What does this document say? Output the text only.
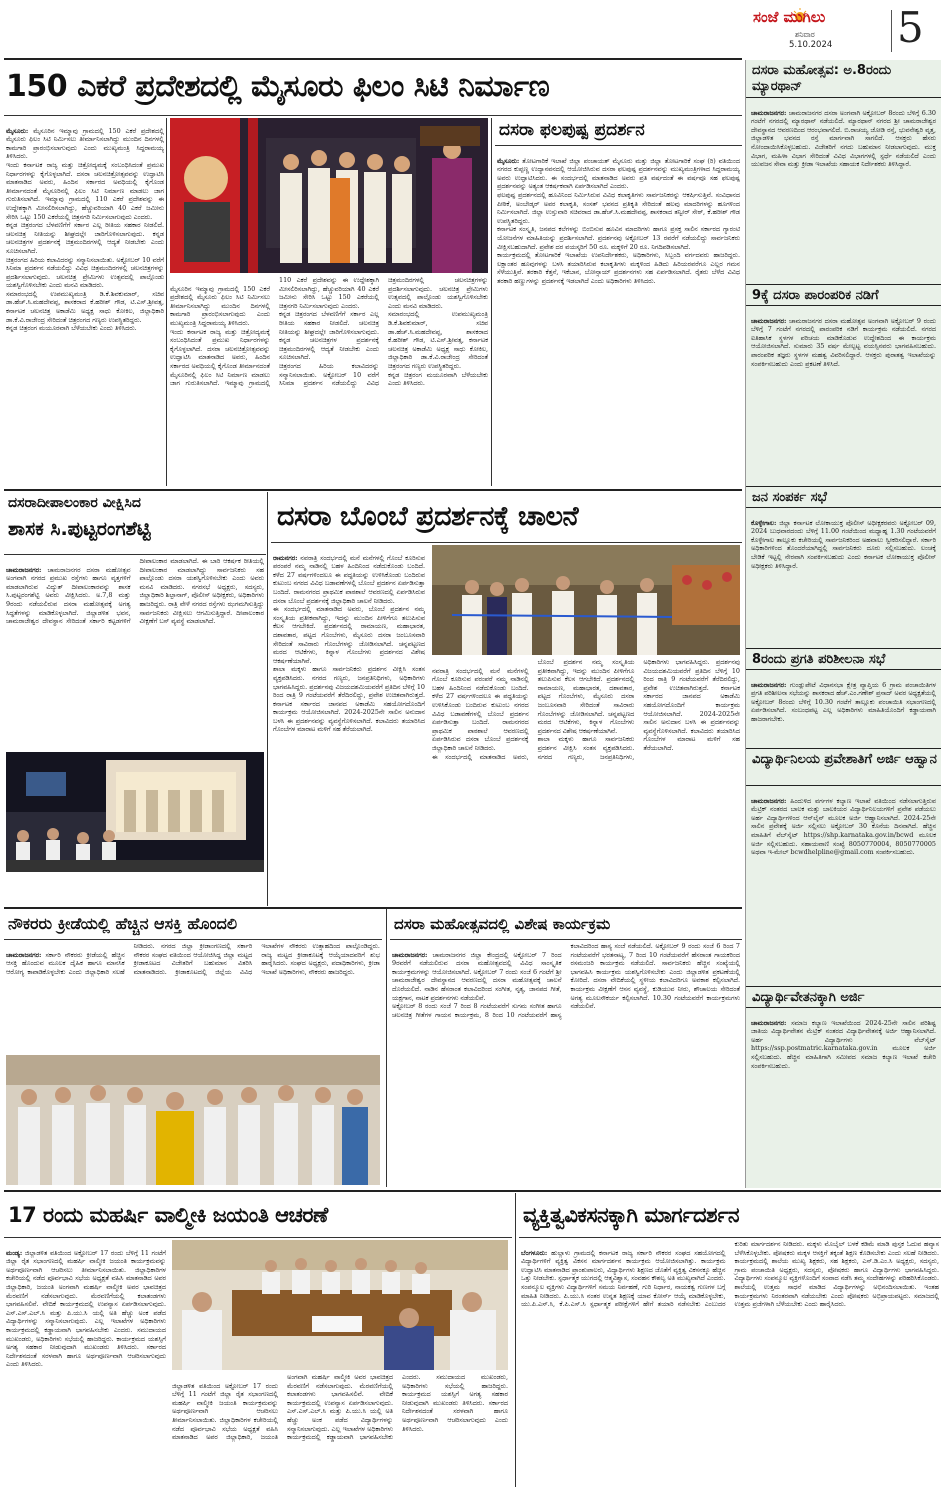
ಸಂಜೆ ಮುಗಿಲು
ಶನಿವಾರ
5.10.2024 5
150 ಎಕರೆ ಪ್ರದೇಶದಲ್ಲಿ ಮೈಸೂರು ಫಿಲಂ ಸಿಟಿ ನಿರ್ಮಾಣ

ಮೈಸೂರು: ಮೈಸೂರಿನ ಇಮ್ಮಾವು ಗ್ರಾಮದಲ್ಲಿ 150 ಎಕರೆ ಪ್ರದೇಶದಲ್ಲಿ ಮೈಸೂರು ಫಿಲಂ ಸಿಟಿ ನಿರ್ಮಿಸಲು ತೀರ್ಮಾನಿಸಲಾಗಿದ್ದು ಮುಂದಿನ ದಿನಗಳಲ್ಲಿ ಕಾಮಗಾರಿ ಪ್ರಾರಂಭಿಸಲಾಗುವುದು ಎಂದು ಮುಖ್ಯಮಂತ್ರಿ ಸಿದ್ದರಾಮಯ್ಯ ತಿಳಿಸಿದರು.
ಇಂದು ಕರ್ನಾಟಕ ರಾಜ್ಯ ಮತ್ತು ಚಿತ್ರೋದ್ಯಮಕ್ಕೆ ಸಂಬಂಧಿಸಿದಂತೆ ಪ್ರಮುಖ ನಿರ್ಧಾರಗಳನ್ನು ಕೈಗೊಳ್ಳಲಾಗಿದೆ. ದಸರಾ ಚಲನಚಿತ್ರೋತ್ಸವವನ್ನು ಉದ್ಘಾಟಿಸಿ ಮಾತನಾಡಿದ ಅವರು, ಹಿಂದಿನ ಸರ್ಕಾರದ ಅವಧಿಯಲ್ಲಿ ಕೈಗೊಂಡ ತೀರ್ಮಾನದಂತೆ ಮೈಸೂರಿನಲ್ಲಿ ಫಿಲಂ ಸಿಟಿ ನಿರ್ಮಾಣ ಮಾಡಲು ಜಾಗ ಗುರುತಿಸಲಾಗಿದೆ. ಇಮ್ಮಾವು ಗ್ರಾಮದಲ್ಲಿ 110 ಎಕರೆ ಪ್ರದೇಶವನ್ನು ಈ ಉದ್ದೇಶಕ್ಕಾಗಿ ಮೀಸಲಿರಿಸಲಾಗಿದ್ದು, ಹೆಚ್ಚುವರಿಯಾಗಿ 40 ಎಕರೆ ಜಮೀನು ಸೇರಿಸಿ ಒಟ್ಟು 150 ಎಕರೆಯಲ್ಲಿ ಚಿತ್ರನಗರಿ ನಿರ್ಮಿಸಲಾಗುವುದು ಎಂದರು.
ಕನ್ನಡ ಚಿತ್ರರಂಗದ ಬೆಳವಣಿಗೆಗೆ ಸರ್ಕಾರ ಎಲ್ಲ ರೀತಿಯ ಸಹಕಾರ ನೀಡಲಿದೆ. ಚಲನಚಿತ್ರ ನೀತಿಯನ್ನು ಶೀಘ್ರದಲ್ಲೇ ಜಾರಿಗೊಳಿಸಲಾಗುವುದು. ಕನ್ನಡ ಚಲನಚಿತ್ರಗಳ ಪ್ರದರ್ಶನಕ್ಕೆ ಚಿತ್ರಮಂದಿರಗಳಲ್ಲಿ ಆದ್ಯತೆ ನೀಡಬೇಕು ಎಂದು ಸೂಚಿಸಲಾಗಿದೆ.
ಚಿತ್ರರಂಗದ ಹಿರಿಯ ಕಲಾವಿದರನ್ನು ಸನ್ಮಾನಿಸಲಾಯಿತು. ಅಕ್ಟೋಬರ್ 10 ವರೆಗೆ ಸಿನಿಮಾ ಪ್ರದರ್ಶನ ನಡೆಯಲಿದ್ದು ವಿವಿಧ ಚಿತ್ರಮಂದಿರಗಳಲ್ಲಿ ಚಲನಚಿತ್ರಗಳನ್ನು ಪ್ರದರ್ಶಿಸಲಾಗುವುದು. ಚಲನಚಿತ್ರ ಪ್ರೇಮಿಗಳು ಉತ್ಸವದಲ್ಲಿ ಪಾಲ್ಗೊಂಡು ಯಶಸ್ವಿಗೊಳಿಸಬೇಕು ಎಂದು ಮನವಿ ಮಾಡಿದರು.
ಸಮಾರಂಭದಲ್ಲಿ ಉಪಮುಖ್ಯಮಂತ್ರಿ ಡಿ.ಕೆ.ಶಿವಕುಮಾರ್, ಸಚಿವ ಡಾ.ಹೆಚ್.ಸಿ.ಮಹದೇವಪ್ಪ, ಶಾಸಕರಾದ ಕೆ.ಹರೀಶ್ ಗೌಡ, ಟಿ.ಎಸ್.ಶ್ರೀವತ್ಸ, ಕರ್ನಾಟಕ ಚಲನಚಿತ್ರ ಅಕಾಡೆಮಿ ಅಧ್ಯಕ್ಷ ಸಾಧು ಕೋಕಿಲ, ಜಿಲ್ಲಾಧಿಕಾರಿ ಡಾ.ಕೆ.ವಿ.ರಾಜೇಂದ್ರ ಸೇರಿದಂತೆ ಚಿತ್ರರಂಗದ ಗಣ್ಯರು ಉಪಸ್ಥಿತರಿದ್ದರು.
ಕನ್ನಡ ಚಿತ್ರರಂಗ ಮಯೂರವಾಗಿ ಬೆಳೆಯಬೇಕು ಎಂದು ತಿಳಿಸಿದರು.

ಮೈಸೂರಿನ ಇಮ್ಮಾವು ಗ್ರಾಮದಲ್ಲಿ 150 ಎಕರೆ ಪ್ರದೇಶದಲ್ಲಿ ಮೈಸೂರು ಫಿಲಂ ಸಿಟಿ ನಿರ್ಮಿಸಲು ತೀರ್ಮಾನಿಸಲಾಗಿದ್ದು ಮುಂದಿನ ದಿನಗಳಲ್ಲಿ ಕಾಮಗಾರಿ ಪ್ರಾರಂಭಿಸಲಾಗುವುದು ಎಂದು ಮುಖ್ಯಮಂತ್ರಿ ಸಿದ್ದರಾಮಯ್ಯ ತಿಳಿಸಿದರು.
ಇಂದು ಕರ್ನಾಟಕ ರಾಜ್ಯ ಮತ್ತು ಚಿತ್ರೋದ್ಯಮಕ್ಕೆ ಸಂಬಂಧಿಸಿದಂತೆ ಪ್ರಮುಖ ನಿರ್ಧಾರಗಳನ್ನು ಕೈಗೊಳ್ಳಲಾಗಿದೆ. ದಸರಾ ಚಲನಚಿತ್ರೋತ್ಸವವನ್ನು ಉದ್ಘಾಟಿಸಿ ಮಾತನಾಡಿದ ಅವರು, ಹಿಂದಿನ ಸರ್ಕಾರದ ಅವಧಿಯಲ್ಲಿ ಕೈಗೊಂಡ ತೀರ್ಮಾನದಂತೆ ಮೈಸೂರಿನಲ್ಲಿ ಫಿಲಂ ಸಿಟಿ ನಿರ್ಮಾಣ ಮಾಡಲು ಜಾಗ ಗುರುತಿಸಲಾಗಿದೆ. ಇಮ್ಮಾವು ಗ್ರಾಮದಲ್ಲಿ 110 ಎಕರೆ ಪ್ರದೇಶವನ್ನು ಈ ಉದ್ದೇಶಕ್ಕಾಗಿ ಮೀಸಲಿರಿಸಲಾಗಿದ್ದು, ಹೆಚ್ಚುವರಿಯಾಗಿ 40 ಎಕರೆ ಜಮೀನು ಸೇರಿಸಿ ಒಟ್ಟು 150 ಎಕರೆಯಲ್ಲಿ ಚಿತ್ರನಗರಿ ನಿರ್ಮಿಸಲಾಗುವುದು ಎಂದರು.
ಕನ್ನಡ ಚಿತ್ರರಂಗದ ಬೆಳವಣಿಗೆಗೆ ಸರ್ಕಾರ ಎಲ್ಲ ರೀತಿಯ ಸಹಕಾರ ನೀಡಲಿದೆ. ಚಲನಚಿತ್ರ ನೀತಿಯನ್ನು ಶೀಘ್ರದಲ್ಲೇ ಜಾರಿಗೊಳಿಸಲಾಗುವುದು. ಕನ್ನಡ ಚಲನಚಿತ್ರಗಳ ಪ್ರದರ್ಶನಕ್ಕೆ ಚಿತ್ರಮಂದಿರಗಳಲ್ಲಿ ಆದ್ಯತೆ ನೀಡಬೇಕು ಎಂದು ಸೂಚಿಸಲಾಗಿದೆ.
ಚಿತ್ರರಂಗದ ಹಿರಿಯ ಕಲಾವಿದರನ್ನು ಸನ್ಮಾನಿಸಲಾಯಿತು. ಅಕ್ಟೋಬರ್ 10 ವರೆಗೆ ಸಿನಿಮಾ ಪ್ರದರ್ಶನ ನಡೆಯಲಿದ್ದು ವಿವಿಧ ಚಿತ್ರಮಂದಿರಗಳಲ್ಲಿ ಚಲನಚಿತ್ರಗಳನ್ನು ಪ್ರದರ್ಶಿಸಲಾಗುವುದು. ಚಲನಚಿತ್ರ ಪ್ರೇಮಿಗಳು ಉತ್ಸವದಲ್ಲಿ ಪಾಲ್ಗೊಂಡು ಯಶಸ್ವಿಗೊಳಿಸಬೇಕು ಎಂದು ಮನವಿ ಮಾಡಿದರು.
ಸಮಾರಂಭದಲ್ಲಿ ಉಪಮುಖ್ಯಮಂತ್ರಿ ಡಿ.ಕೆ.ಶಿವಕುಮಾರ್, ಸಚಿವ ಡಾ.ಹೆಚ್.ಸಿ.ಮಹದೇವಪ್ಪ, ಶಾಸಕರಾದ ಕೆ.ಹರೀಶ್ ಗೌಡ, ಟಿ.ಎಸ್.ಶ್ರೀವತ್ಸ, ಕರ್ನಾಟಕ ಚಲನಚಿತ್ರ ಅಕಾಡೆಮಿ ಅಧ್ಯಕ್ಷ ಸಾಧು ಕೋಕಿಲ, ಜಿಲ್ಲಾಧಿಕಾರಿ ಡಾ.ಕೆ.ವಿ.ರಾಜೇಂದ್ರ ಸೇರಿದಂತೆ ಚಿತ್ರರಂಗದ ಗಣ್ಯರು ಉಪಸ್ಥಿತರಿದ್ದರು.
ಕನ್ನಡ ಚಿತ್ರರಂಗ ಮಯೂರವಾಗಿ ಬೆಳೆಯಬೇಕು ಎಂದು ತಿಳಿಸಿದರು.

ದಸರಾ ಫಲಪುಷ್ಪ ಪ್ರದರ್ಶನ

ಮೈಸೂರು: ತೋಟಗಾರಿಕೆ ಇಲಾಖೆ ಜಿಲ್ಲಾ ಪಂಚಾಯತ್ ಮೈಸೂರು ಮತ್ತು ಜಿಲ್ಲಾ ತೋಟಗಾರಿಕೆ ಸಂಘ (ರಿ) ವತಿಯಿಂದ ನಗರದ ಕುಪ್ಪಣ್ಣ ಉದ್ಯಾನವನದಲ್ಲಿ ಆಯೋಜಿಸಿರುವ ದಸರಾ ಫಲಪುಷ್ಪ ಪ್ರದರ್ಶನವನ್ನು ಮುಖ್ಯಮಂತ್ರಿಗಳಾದ ಸಿದ್ದರಾಮಯ್ಯ ಅವರು ಉದ್ಘಾಟಿಸಿದರು. ಈ ಸಂದರ್ಭದಲ್ಲಿ ಮಾತನಾಡಿದ ಅವರು ಪ್ರತಿ ವರ್ಷದಂತೆ ಈ ವರ್ಷವೂ ಸಹ ಫಲಪುಷ್ಪ ಪ್ರದರ್ಶನವನ್ನು ಅತ್ಯಂತ ಆಕರ್ಷಕವಾಗಿ ಏರ್ಪಡಿಸಲಾಗಿದೆ ಎಂದರು.
ಫಲಪುಷ್ಪ ಪ್ರದರ್ಶನದಲ್ಲಿ ಹೂವಿನಿಂದ ನಿರ್ಮಿಸಿರುವ ವಿವಿಧ ಕಲಾಕೃತಿಗಳು ಸಾರ್ವಜನಿಕರನ್ನು ಆಕರ್ಷಿಸುತ್ತಿವೆ. ಸಂವಿಧಾನದ ಪೀಠಿಕೆ, ಅಂಬೇಡ್ಕರ್ ಅವರ ಕಲಾಕೃತಿ, ಸಂಸತ್ ಭವನದ ಪ್ರತಿಕೃತಿ ಸೇರಿದಂತೆ ಹಲವು ಮಾದರಿಗಳನ್ನು ಹೂಗಳಿಂದ ನಿರ್ಮಿಸಲಾಗಿದೆ. ಜಿಲ್ಲಾ ಉಸ್ತುವಾರಿ ಸಚಿವರಾದ ಡಾ.ಹೆಚ್.ಸಿ.ಮಹದೇವಪ್ಪ, ಶಾಸಕರಾದ ತನ್ವೀರ್ ಸೇಠ್, ಕೆ.ಹರೀಶ್ ಗೌಡ ಉಪಸ್ಥಿತರಿದ್ದರು.
ಕರ್ನಾಟಕ ಸಂಸ್ಕೃತಿ, ಜನಪದ ಕಲೆಗಳನ್ನು ಬಿಂಬಿಸುವ ಹೂವಿನ ಮಾದರಿಗಳು ಹಾಗೂ ಪ್ರಸಕ್ತ ಸಾಲಿನ ಸರ್ಕಾರದ ಗ್ಯಾರಂಟಿ ಯೋಜನೆಗಳ ಮಾಹಿತಿಯನ್ನು ಪ್ರದರ್ಶಿಸಲಾಗಿದೆ. ಪ್ರದರ್ಶನವು ಅಕ್ಟೋಬರ್ 13 ರವರೆಗೆ ನಡೆಯಲಿದ್ದು ಸಾರ್ವಜನಿಕರು ವೀಕ್ಷಿಸಬಹುದಾಗಿದೆ. ಪ್ರವೇಶ ದರ ವಯಸ್ಕರಿಗೆ 50 ರೂ. ಮಕ್ಕಳಿಗೆ 20 ರೂ. ನಿಗದಿಪಡಿಸಲಾಗಿದೆ.
ಕಾರ್ಯಕ್ರಮದಲ್ಲಿ ತೋಟಗಾರಿಕೆ ಇಲಾಖೆಯ ಉಪನಿರ್ದೇಶಕರು, ಅಧಿಕಾರಿಗಳು, ಸಿಬ್ಬಂದಿ ವರ್ಗದವರು ಹಾಜರಿದ್ದರು. ಲಕ್ಷಾಂತರ ಹೂವುಗಳನ್ನು ಬಳಸಿ ತಯಾರಿಸಿರುವ ಕಲಾಕೃತಿಗಳು ಮಕ್ಕಳಿಂದ ಹಿಡಿದು ಹಿರಿಯರವರೆಗೂ ಎಲ್ಲರ ಗಮನ ಸೆಳೆಯುತ್ತಿವೆ. ತರಕಾರಿ ಕೆತ್ತನೆ, ಇಕೆಬಾನ, ಬೋನ್ಸಾಯ್ ಪ್ರದರ್ಶನಗಳು ಸಹ ಏರ್ಪಡಿಸಲಾಗಿದೆ. ರೈತರು ಬೆಳೆದ ವಿವಿಧ ತರಕಾರಿ ಹಣ್ಣುಗಳನ್ನು ಪ್ರದರ್ಶನಕ್ಕೆ ಇಡಲಾಗಿದೆ ಎಂದು ಅಧಿಕಾರಿಗಳು ತಿಳಿಸಿದರು.

ದಸರಾ ಮಹೋತ್ಸವ: ಅ.8ರಂದು ಮ್ಯಾರಥಾನ್

ಚಾಮರಾಜನಗರ: ಚಾಮರಾಜನಗರ ದಸರಾ ಅಂಗವಾಗಿ ಅಕ್ಟೋಬರ್ 8ರಂದು ಬೆಳಿಗ್ಗೆ 6.30 ಗಂಟೆಗೆ ನಗರದಲ್ಲಿ ಮ್ಯಾರಥಾನ್ ನಡೆಯಲಿದೆ. ಮ್ಯಾರಥಾನ್ ನಗರದ ಶ್ರೀ ಚಾಮರಾಜೇಶ್ವರ ದೇವಸ್ಥಾನದ ಆವರಣದಿಂದ ಆರಂಭವಾಗಲಿದೆ. ಬಿ.ರಾಚಯ್ಯ ಜೋಡಿ ರಸ್ತೆ, ಭುವನೇಶ್ವರಿ ವೃತ್ತ, ಜಿಲ್ಲಾಡಳಿತ ಭವನದ ರಸ್ತೆ ಮಾರ್ಗವಾಗಿ ಸಾಗಲಿದೆ. ಆಸಕ್ತರು ಹೆಸರು ನೋಂದಾಯಿಸಿಕೊಳ್ಳಬಹುದು. ವಿಜೇತರಿಗೆ ನಗದು ಬಹುಮಾನ ನೀಡಲಾಗುವುದು. ಮುಕ್ತ ವಿಭಾಗ, ಮಹಿಳಾ ವಿಭಾಗ ಸೇರಿದಂತೆ ವಿವಿಧ ವಿಭಾಗಗಳಲ್ಲಿ ಸ್ಪರ್ಧೆ ನಡೆಯಲಿದೆ ಎಂದು ಯುವಜನ ಸೇವಾ ಮತ್ತು ಕ್ರೀಡಾ ಇಲಾಖೆಯ ಸಹಾಯಕ ನಿರ್ದೇಶಕರು ತಿಳಿಸಿದ್ದಾರೆ.

9ಕ್ಕೆ ದಸರಾ ಪಾರಂಪರಿಕ ನಡಿಗೆ

ಚಾಮರಾಜನಗರ: ಚಾಮರಾಜನಗರ ದಸರಾ ಮಹೋತ್ಸವ ಅಂಗವಾಗಿ ಅಕ್ಟೋಬರ್ 9 ರಂದು ಬೆಳಿಗ್ಗೆ 7 ಗಂಟೆಗೆ ನಗರದಲ್ಲಿ ಪಾರಂಪರಿಕ ನಡಿಗೆ ಕಾರ್ಯಕ್ರಮ ನಡೆಯಲಿದೆ. ನಗರದ ಐತಿಹಾಸಿಕ ಸ್ಥಳಗಳ ಪರಿಚಯ ಮಾಡಿಕೊಡುವ ಉದ್ದೇಶದಿಂದ ಈ ಕಾರ್ಯಕ್ರಮ ಆಯೋಜಿಸಲಾಗಿದೆ. ಸುಮಾರು 35 ವರ್ಷ ಮೇಲ್ಪಟ್ಟ ವಯಸ್ಸಿನವರು ಭಾಗವಹಿಸಬಹುದು. ಪಾರಂಪರಿಕ ತಜ್ಞರು ಸ್ಥಳಗಳ ಮಹತ್ವ ವಿವರಿಸಲಿದ್ದಾರೆ. ಆಸಕ್ತರು ಪುರಾತತ್ವ ಇಲಾಖೆಯನ್ನು ಸಂಪರ್ಕಿಸಬಹುದು ಎಂದು ಪ್ರಕಟಣೆ ತಿಳಿಸಿದೆ.

ಜನ ಸಂಪರ್ಕ ಸಭೆ

ಕೊಳ್ಳೇಗಾಲ: ಜಿಲ್ಲಾ ಕರ್ನಾಟಕ ಲೋಕಾಯುಕ್ತ ಪೊಲೀಸ್ ಅಧೀಕ್ಷಕರವರು ಅಕ್ಟೋಬರ್ 09, 2024 ಬುಧವಾರದಂದು ಬೆಳಿಗ್ಗೆ 11.00 ಗಂಟೆಯಿಂದ ಮಧ್ಯಾಹ್ನ 1.30 ಗಂಟೆಯವರೆಗೆ ಕೊಳ್ಳೇಗಾಲ ತಾಲ್ಲೂಕು ಕಚೇರಿಯಲ್ಲಿ ಸಾರ್ವಜನಿಕರಿಂದ ಅಹವಾಲು ಸ್ವೀಕರಿಸಲಿದ್ದಾರೆ. ಸರ್ಕಾರಿ ಅಧಿಕಾರಿಗಳಿಂದ ತೊಂದರೆಯಾಗಿದ್ದಲ್ಲಿ ಸಾರ್ವಜನಿಕರು ದೂರು ಸಲ್ಲಿಸಬಹುದು. ಲಂಚಕ್ಕೆ ಬೇಡಿಕೆ ಇಟ್ಟಲ್ಲಿ ನೇರವಾಗಿ ಸಂಪರ್ಕಿಸಬಹುದು ಎಂದು ಕರ್ನಾಟಕ ಲೋಕಾಯುಕ್ತ ಪೊಲೀಸ್ ಅಧೀಕ್ಷಕರು ತಿಳಿಸಿದ್ದಾರೆ.

8ರಂದು ಪ್ರಗತಿ ಪರಿಶೀಲನಾ ಸಭೆ

ಚಾಮರಾಜನಗರ: ಗುಂಡ್ಲುಪೇಟೆ ವಿಧಾನಸಭಾ ಕ್ಷೇತ್ರ ವ್ಯಾಪ್ತಿಯ 6 ಗ್ರಾಮ ಪಂಚಾಯಿತಿಗಳ ಪ್ರಗತಿ ಪರಿಶೀಲನಾ ಸಭೆಯನ್ನು ಶಾಸಕರಾದ ಹೆಚ್.ಎಂ.ಗಣೇಶ್ ಪ್ರಸಾದ್ ಅವರ ಅಧ್ಯಕ್ಷತೆಯಲ್ಲಿ ಅಕ್ಟೋಬರ್ 8ರಂದು ಬೆಳಿಗ್ಗೆ 10.30 ಗಂಟೆಗೆ ತಾಲ್ಲೂಕು ಪಂಚಾಯಿತಿ ಸಭಾಂಗಣದಲ್ಲಿ ಏರ್ಪಡಿಸಲಾಗಿದೆ. ಸಂಬಂಧಪಟ್ಟ ಎಲ್ಲ ಅಧಿಕಾರಿಗಳು ಮಾಹಿತಿಯೊಂದಿಗೆ ಕಡ್ಡಾಯವಾಗಿ ಹಾಜರಾಗಬೇಕು.

ವಿದ್ಯಾರ್ಥಿನಿಲಯ ಪ್ರವೇಶಾತಿಗೆ ಅರ್ಜಿ ಆಹ್ವಾನ

ಚಾಮರಾಜನಗರ: ಹಿಂದುಳಿದ ವರ್ಗಗಳ ಕಲ್ಯಾಣ ಇಲಾಖೆ ವತಿಯಿಂದ ನಡೆಸಲಾಗುತ್ತಿರುವ ಮೆಟ್ರಿಕ್ ನಂತರದ ಬಾಲಕ ಮತ್ತು ಬಾಲಕಿಯರ ವಿದ್ಯಾರ್ಥಿನಿಲಯಗಳಿಗೆ ಪ್ರವೇಶ ಪಡೆಯಲು ಅರ್ಹ ವಿದ್ಯಾರ್ಥಿಗಳಿಂದ ಆನ್‌ಲೈನ್ ಮೂಲಕ ಅರ್ಜಿ ಆಹ್ವಾನಿಸಲಾಗಿದೆ. 2024-25ನೇ ಸಾಲಿನ ಪ್ರವೇಶಕ್ಕೆ ಅರ್ಜಿ ಸಲ್ಲಿಸಲು ಅಕ್ಟೋಬರ್ 30 ಕೊನೆಯ ದಿನವಾಗಿದೆ. ಹೆಚ್ಚಿನ ಮಾಹಿತಿಗೆ ವೆಬ್‌ಸೈಟ್ https://shp.karnataka.gov.in/bcwd ಮೂಲಕ ಅರ್ಜಿ ಸಲ್ಲಿಸಬಹುದು. ಸಹಾಯವಾಣಿ ಸಂಖ್ಯೆ 8050770004, 8050770005 ಅಥವಾ ಇ-ಮೇಲ್ bcwdhelpline@gmail.com ಸಂಪರ್ಕಿಸಬಹುದು.

ವಿದ್ಯಾರ್ಥಿವೇತನಕ್ಕಾಗಿ ಅರ್ಜಿ

ಚಾಮರಾಜನಗರ: ಸಮಾಜ ಕಲ್ಯಾಣ ಇಲಾಖೆಯಿಂದ 2024-25ನೇ ಸಾಲಿನ ಪರಿಶಿಷ್ಟ ಜಾತಿಯ ವಿದ್ಯಾರ್ಥಿವೇತನ ಮೆಟ್ರಿಕ್ ನಂತರದ ವಿದ್ಯಾರ್ಥಿವೇತನಕ್ಕೆ ಅರ್ಜಿ ಆಹ್ವಾನಿಸಲಾಗಿದೆ. ಅರ್ಹ ವಿದ್ಯಾರ್ಥಿಗಳು ವೆಬ್‌ಸೈಟ್ https://ssp.postmatric.karnataka.gov.in ಮೂಲಕ ಅರ್ಜಿ ಸಲ್ಲಿಸಬಹುದು. ಹೆಚ್ಚಿನ ಮಾಹಿತಿಗಾಗಿ ಸಮೀಪದ ಸಮಾಜ ಕಲ್ಯಾಣ ಇಲಾಖೆ ಕಚೇರಿ ಸಂಪರ್ಕಿಸಬಹುದು.

ದಸರಾದೀಪಾಲಂಕಾರ ವೀಕ್ಷಿಸಿದ
ಶಾಸಕ ಸಿ.ಪುಟ್ಟರಂಗಶೆಟ್ಟಿ

ಚಾಮರಾಜನಗರ: ಚಾಮರಾಜನಗರ ದಸರಾ ಮಹೋತ್ಸವ ಅಂಗವಾಗಿ ನಗರದ ಪ್ರಮುಖ ರಸ್ತೆಗಳು ಹಾಗೂ ವೃತ್ತಗಳಿಗೆ ಮಾಡಲಾಗಿರುವ ವಿದ್ಯುತ್ ದೀಪಾಲಂಕಾರವನ್ನು ಶಾಸಕ ಸಿ.ಪುಟ್ಟರಂಗಶೆಟ್ಟಿ ಅವರು ವೀಕ್ಷಿಸಿದರು. ಅ.7,8 ಮತ್ತು 9ರಂದು ನಡೆಯಲಿರುವ ದಸರಾ ಮಹೋತ್ಸವಕ್ಕೆ ಅಗತ್ಯ ಸಿದ್ಧತೆಗಳನ್ನು ಮಾಡಿಕೊಳ್ಳಲಾಗಿದೆ. ಜಿಲ್ಲಾಡಳಿತ ಭವನ, ಚಾಮರಾಜೇಶ್ವರ ದೇವಸ್ಥಾನ ಸೇರಿದಂತೆ ಸರ್ಕಾರಿ ಕಟ್ಟಡಗಳಿಗೆ ದೀಪಾಲಂಕಾರ ಮಾಡಲಾಗಿದೆ. ಈ ಬಾರಿ ಆಕರ್ಷಕ ರೀತಿಯಲ್ಲಿ ದೀಪಾಲಂಕಾರ ಮಾಡಲಾಗಿದ್ದು ಸಾರ್ವಜನಿಕರು ಸಹ ಪಾಲ್ಗೊಂಡು ದಸರಾ ಯಶಸ್ವಿಗೊಳಿಸಬೇಕು ಎಂದು ಅವರು ಮನವಿ ಮಾಡಿದರು. ನಗರಸಭೆ ಅಧ್ಯಕ್ಷರು, ಸದಸ್ಯರು, ಜಿಲ್ಲಾಧಿಕಾರಿ ಶಿಲ್ಪಾನಾಗ್, ಪೊಲೀಸ್ ಅಧೀಕ್ಷಕರು, ಅಧಿಕಾರಿಗಳು ಹಾಜರಿದ್ದರು. ರಾತ್ರಿ ವೇಳೆ ನಗರದ ರಸ್ತೆಗಳು ಝಗಮಗಿಸುತ್ತಿದ್ದು ಸಾರ್ವಜನಿಕರು ವೀಕ್ಷಿಸಲು ಆಗಮಿಸುತ್ತಿದ್ದಾರೆ. ದೀಪಾಲಂಕಾರ ವೀಕ್ಷಣೆಗೆ ಬಸ್ ವ್ಯವಸ್ಥೆ ಮಾಡಲಾಗಿದೆ.

ದಸರಾ ಬೊಂಬೆ ಪ್ರದರ್ಶನಕ್ಕೆ ಚಾಲನೆ

ರಾಮನಗರ: ನವರಾತ್ರಿ ಸಂದರ್ಭದಲ್ಲಿ ಮನೆ ಮನೆಗಳಲ್ಲಿ ಗೊಂಬೆ ಕೂರಿಸುವ ಪರಂಪರೆ ನಮ್ಮ ನಾಡಿನಲ್ಲಿ ಬಹಳ ಹಿಂದಿನಿಂದ ನಡೆದುಕೊಂಡು ಬಂದಿದೆ. ಕಳೆದ 27 ವರ್ಷಗಳಿಂದಲೂ ಈ ಪದ್ಧತಿಯನ್ನು ಉಳಿಸಿಕೊಂಡು ಬಂದಿರುವ ಕುಟುಂಬ ನಗರದ ವಿವಿಧ ಬಡಾವಣೆಗಳಲ್ಲಿ ಬೊಂಬೆ ಪ್ರದರ್ಶನ ಏರ್ಪಡಿಸುತ್ತಾ ಬಂದಿದೆ. ರಾಮನಗರದ ಪ್ರಾಥಮಿಕ ಪಾಠಶಾಲೆ ಆವರಣದಲ್ಲಿ ಏರ್ಪಡಿಸಿರುವ ದಸರಾ ಬೊಂಬೆ ಪ್ರದರ್ಶನಕ್ಕೆ ಜಿಲ್ಲಾಧಿಕಾರಿ ಚಾಲನೆ ನೀಡಿದರು.
ಈ ಸಂದರ್ಭದಲ್ಲಿ ಮಾತನಾಡಿದ ಅವರು, ಬೊಂಬೆ ಪ್ರದರ್ಶನ ನಮ್ಮ ಸಂಸ್ಕೃತಿಯ ಪ್ರತೀಕವಾಗಿದ್ದು, ಇದನ್ನು ಮುಂದಿನ ಪೀಳಿಗೆಗೂ ತಲುಪಿಸುವ ಕೆಲಸ ಆಗಬೇಕಿದೆ. ಪ್ರದರ್ಶನದಲ್ಲಿ ರಾಮಾಯಣ, ಮಹಾಭಾರತ, ದಶಾವತಾರ, ಪಟ್ಟದ ಗೊಂಬೆಗಳು, ಮೈಸೂರು ದಸರಾ ಜಂಬೂಸವಾರಿ ಸೇರಿದಂತೆ ಸಾವಿರಾರು ಗೊಂಬೆಗಳನ್ನು ಜೋಡಿಸಲಾಗಿದೆ. ಚನ್ನಪಟ್ಟಣದ ಮರದ ಆಟಿಕೆಗಳು, ಕಿನ್ನಾಳ ಗೊಂಬೆಗಳು ಪ್ರದರ್ಶನದ ವಿಶೇಷ ಆಕರ್ಷಣೆಯಾಗಿವೆ.
ಶಾಲಾ ಮಕ್ಕಳು ಹಾಗೂ ಸಾರ್ವಜನಿಕರು ಪ್ರದರ್ಶನ ವೀಕ್ಷಿಸಿ ಸಂತಸ ವ್ಯಕ್ತಪಡಿಸಿದರು. ನಗರದ ಗಣ್ಯರು, ಜನಪ್ರತಿನಿಧಿಗಳು, ಅಧಿಕಾರಿಗಳು ಭಾಗವಹಿಸಿದ್ದರು. ಪ್ರದರ್ಶನವು ವಿಜಯದಶಮಿಯವರೆಗೆ ಪ್ರತಿದಿನ ಬೆಳಿಗ್ಗೆ 10 ರಿಂದ ರಾತ್ರಿ 9 ಗಂಟೆಯವರೆಗೆ ತೆರೆದಿರಲಿದ್ದು, ಪ್ರವೇಶ ಉಚಿತವಾಗಿರುತ್ತದೆ. ಕರ್ನಾಟಕ ಸರ್ಕಾರದ ಜಾನಪದ ಅಕಾಡೆಮಿ ಸಹಯೋಗದೊಂದಿಗೆ ಕಾರ್ಯಕ್ರಮ ಆಯೋಜಿಸಲಾಗಿದೆ. 2024-2025ನೇ ಸಾಲಿನ ಅನುದಾನ ಬಳಸಿ ಈ ಪ್ರದರ್ಶನವನ್ನು ವ್ಯವಸ್ಥೆಗೊಳಿಸಲಾಗಿದೆ. ಕಲಾವಿದರು ತಯಾರಿಸಿದ ಗೊಂಬೆಗಳ ಮಾರಾಟ ಮಳಿಗೆ ಸಹ ತೆರೆಯಲಾಗಿದೆ.

ನವರಾತ್ರಿ ಸಂದರ್ಭದಲ್ಲಿ ಮನೆ ಮನೆಗಳಲ್ಲಿ ಗೊಂಬೆ ಕೂರಿಸುವ ಪರಂಪರೆ ನಮ್ಮ ನಾಡಿನಲ್ಲಿ ಬಹಳ ಹಿಂದಿನಿಂದ ನಡೆದುಕೊಂಡು ಬಂದಿದೆ. ಕಳೆದ 27 ವರ್ಷಗಳಿಂದಲೂ ಈ ಪದ್ಧತಿಯನ್ನು ಉಳಿಸಿಕೊಂಡು ಬಂದಿರುವ ಕುಟುಂಬ ನಗರದ ವಿವಿಧ ಬಡಾವಣೆಗಳಲ್ಲಿ ಬೊಂಬೆ ಪ್ರದರ್ಶನ ಏರ್ಪಡಿಸುತ್ತಾ ಬಂದಿದೆ. ರಾಮನಗರದ ಪ್ರಾಥಮಿಕ ಪಾಠಶಾಲೆ ಆವರಣದಲ್ಲಿ ಏರ್ಪಡಿಸಿರುವ ದಸರಾ ಬೊಂಬೆ ಪ್ರದರ್ಶನಕ್ಕೆ ಜಿಲ್ಲಾಧಿಕಾರಿ ಚಾಲನೆ ನೀಡಿದರು.
ಈ ಸಂದರ್ಭದಲ್ಲಿ ಮಾತನಾಡಿದ ಅವರು, ಬೊಂಬೆ ಪ್ರದರ್ಶನ ನಮ್ಮ ಸಂಸ್ಕೃತಿಯ ಪ್ರತೀಕವಾಗಿದ್ದು, ಇದನ್ನು ಮುಂದಿನ ಪೀಳಿಗೆಗೂ ತಲುಪಿಸುವ ಕೆಲಸ ಆಗಬೇಕಿದೆ. ಪ್ರದರ್ಶನದಲ್ಲಿ ರಾಮಾಯಣ, ಮಹಾಭಾರತ, ದಶಾವತಾರ, ಪಟ್ಟದ ಗೊಂಬೆಗಳು, ಮೈಸೂರು ದಸರಾ ಜಂಬೂಸವಾರಿ ಸೇರಿದಂತೆ ಸಾವಿರಾರು ಗೊಂಬೆಗಳನ್ನು ಜೋಡಿಸಲಾಗಿದೆ. ಚನ್ನಪಟ್ಟಣದ ಮರದ ಆಟಿಕೆಗಳು, ಕಿನ್ನಾಳ ಗೊಂಬೆಗಳು ಪ್ರದರ್ಶನದ ವಿಶೇಷ ಆಕರ್ಷಣೆಯಾಗಿವೆ.
ಶಾಲಾ ಮಕ್ಕಳು ಹಾಗೂ ಸಾರ್ವಜನಿಕರು ಪ್ರದರ್ಶನ ವೀಕ್ಷಿಸಿ ಸಂತಸ ವ್ಯಕ್ತಪಡಿಸಿದರು. ನಗರದ ಗಣ್ಯರು, ಜನಪ್ರತಿನಿಧಿಗಳು, ಅಧಿಕಾರಿಗಳು ಭಾಗವಹಿಸಿದ್ದರು. ಪ್ರದರ್ಶನವು ವಿಜಯದಶಮಿಯವರೆಗೆ ಪ್ರತಿದಿನ ಬೆಳಿಗ್ಗೆ 10 ರಿಂದ ರಾತ್ರಿ 9 ಗಂಟೆಯವರೆಗೆ ತೆರೆದಿರಲಿದ್ದು, ಪ್ರವೇಶ ಉಚಿತವಾಗಿರುತ್ತದೆ. ಕರ್ನಾಟಕ ಸರ್ಕಾರದ ಜಾನಪದ ಅಕಾಡೆಮಿ ಸಹಯೋಗದೊಂದಿಗೆ ಕಾರ್ಯಕ್ರಮ ಆಯೋಜಿಸಲಾಗಿದೆ. 2024-2025ನೇ ಸಾಲಿನ ಅನುದಾನ ಬಳಸಿ ಈ ಪ್ರದರ್ಶನವನ್ನು ವ್ಯವಸ್ಥೆಗೊಳಿಸಲಾಗಿದೆ. ಕಲಾವಿದರು ತಯಾರಿಸಿದ ಗೊಂಬೆಗಳ ಮಾರಾಟ ಮಳಿಗೆ ಸಹ ತೆರೆಯಲಾಗಿದೆ.

ನೌಕರರು ಕ್ರೀಡೆಯಲ್ಲಿ ಹೆಚ್ಚಿನ ಆಸಕ್ತಿ ಹೊಂದಲಿ

ಚಾಮರಾಜನಗರ: ಸರ್ಕಾರಿ ನೌಕರರು ಕ್ರೀಡೆಯಲ್ಲಿ ಹೆಚ್ಚಿನ ಆಸಕ್ತಿ ಹೊಂದುವ ಮೂಲಕ ದೈಹಿಕ ಹಾಗೂ ಮಾನಸಿಕ ಆರೋಗ್ಯ ಕಾಪಾಡಿಕೊಳ್ಳಬೇಕು ಎಂದು ಜಿಲ್ಲಾಧಿಕಾರಿ ಸಲಹೆ ನೀಡಿದರು. ನಗರದ ಜಿಲ್ಲಾ ಕ್ರೀಡಾಂಗಣದಲ್ಲಿ ಸರ್ಕಾರಿ ನೌಕರರ ಸಂಘದ ವತಿಯಿಂದ ಆಯೋಜಿಸಿದ್ದ ಜಿಲ್ಲಾ ಮಟ್ಟದ ಕ್ರೀಡಾಕೂಟದ ವಿಜೇತರಿಗೆ ಬಹುಮಾನ ವಿತರಿಸಿ ಮಾತನಾಡಿದರು. ಕ್ರೀಡಾಕೂಟದಲ್ಲಿ ಜಿಲ್ಲೆಯ ವಿವಿಧ ಇಲಾಖೆಗಳ ನೌಕರರು ಉತ್ಸಾಹದಿಂದ ಪಾಲ್ಗೊಂಡಿದ್ದರು. ರಾಜ್ಯ ಮಟ್ಟದ ಕ್ರೀಡಾಕೂಟಕ್ಕೆ ಆಯ್ಕೆಯಾದವರಿಗೆ ಶುಭ ಹಾರೈಸಿದರು. ಸಂಘದ ಅಧ್ಯಕ್ಷರು, ಪದಾಧಿಕಾರಿಗಳು, ಕ್ರೀಡಾ ಇಲಾಖೆ ಅಧಿಕಾರಿಗಳು, ನೌಕರರು ಹಾಜರಿದ್ದರು.

ದಸರಾ ಮಹೋತ್ಸವದಲ್ಲಿ ವಿಶೇಷ ಕಾರ್ಯಕ್ರಮ

ಚಾಮರಾಜನಗರ: ಚಾಮರಾಜನಗರ ಜಿಲ್ಲಾ ಕೇಂದ್ರದಲ್ಲಿ ಅಕ್ಟೋಬರ್ 7 ರಿಂದ 9ರವರೆಗೆ ನಡೆಯಲಿರುವ ದಸರಾ ಮಹೋತ್ಸವದಲ್ಲಿ ವಿವಿಧ ಸಾಂಸ್ಕೃತಿಕ ಕಾರ್ಯಕ್ರಮಗಳನ್ನು ಆಯೋಜಿಸಲಾಗಿದೆ. ಅಕ್ಟೋಬರ್ 7 ರಂದು ಸಂಜೆ 6 ಗಂಟೆಗೆ ಶ್ರೀ ಚಾಮರಾಜೇಶ್ವರ ದೇವಸ್ಥಾನದ ಆವರಣದಲ್ಲಿ ದಸರಾ ಮಹೋತ್ಸವಕ್ಕೆ ಚಾಲನೆ ದೊರೆಯಲಿದೆ. ನಾಡಿನ ಹೆಸರಾಂತ ಕಲಾವಿದರಿಂದ ಸಂಗೀತ, ನೃತ್ಯ, ಜಾನಪದ ಗೀತೆ, ಯಕ್ಷಗಾನ, ನಾಟಕ ಪ್ರದರ್ಶನಗಳು ನಡೆಯಲಿವೆ.
ಅಕ್ಟೋಬರ್ 8 ರಂದು ಸಂಜೆ 7 ರಿಂದ 8 ಗಂಟೆಯವರೆಗೆ ಸುಗಮ ಸಂಗೀತ ಹಾಗೂ ಚಲನಚಿತ್ರ ಗೀತೆಗಳ ಗಾಯನ ಕಾರ್ಯಕ್ರಮ, 8 ರಿಂದ 10 ಗಂಟೆಯವರೆಗೆ ಹಾಸ್ಯ ಕಲಾವಿದರಿಂದ ಹಾಸ್ಯ ಸಂಜೆ ನಡೆಯಲಿದೆ. ಅಕ್ಟೋಬರ್ 9 ರಂದು ಸಂಜೆ 6 ರಿಂದ 7 ಗಂಟೆಯವರೆಗೆ ಭರತನಾಟ್ಯ, 7 ರಿಂದ 10 ಗಂಟೆಯವರೆಗೆ ಹೆಸರಾಂತ ಗಾಯಕರಿಂದ ರಸಮಂಜರಿ ಕಾರ್ಯಕ್ರಮ ನಡೆಯಲಿದೆ. ಸಾರ್ವಜನಿಕರು ಹೆಚ್ಚಿನ ಸಂಖ್ಯೆಯಲ್ಲಿ ಭಾಗವಹಿಸಿ ಕಾರ್ಯಕ್ರಮ ಯಶಸ್ವಿಗೊಳಿಸಬೇಕು ಎಂದು ಜಿಲ್ಲಾಡಳಿತ ಪ್ರಕಟಣೆಯಲ್ಲಿ ಕೋರಿದೆ. ದಸರಾ ವೇದಿಕೆಯಲ್ಲಿ ಸ್ಥಳೀಯ ಕಲಾವಿದರಿಗೂ ಅವಕಾಶ ಕಲ್ಪಿಸಲಾಗಿದೆ. ಕಾರ್ಯಕ್ರಮ ವೀಕ್ಷಣೆಗೆ ಆಸನ ವ್ಯವಸ್ಥೆ, ಕುಡಿಯುವ ನೀರು, ಶೌಚಾಲಯ ಸೇರಿದಂತೆ ಅಗತ್ಯ ಮೂಲಸೌಕರ್ಯ ಕಲ್ಪಿಸಲಾಗಿದೆ. 10.30 ಗಂಟೆಯವರೆಗೆ ಕಾರ್ಯಕ್ರಮಗಳು ನಡೆಯಲಿವೆ.

17 ರಂದು ಮಹರ್ಷಿ ವಾಲ್ಮೀಕಿ ಜಯಂತಿ ಆಚರಣೆ

ಮಂಡ್ಯ: ಜಿಲ್ಲಾಡಳಿತ ವತಿಯಿಂದ ಅಕ್ಟೋಬರ್ 17 ರಂದು ಬೆಳಿಗ್ಗೆ 11 ಗಂಟೆಗೆ ಜಿಲ್ಲಾ ರೈತ ಸಭಾಂಗಣದಲ್ಲಿ ಮಹರ್ಷಿ ವಾಲ್ಮೀಕಿ ಜಯಂತಿ ಕಾರ್ಯಕ್ರಮವನ್ನು ಅರ್ಥಪೂರ್ಣವಾಗಿ ಆಚರಿಸಲು ತೀರ್ಮಾನಿಸಲಾಯಿತು. ಜಿಲ್ಲಾಧಿಕಾರಿಗಳ ಕಚೇರಿಯಲ್ಲಿ ನಡೆದ ಪೂರ್ವಭಾವಿ ಸಭೆಯ ಅಧ್ಯಕ್ಷತೆ ವಹಿಸಿ ಮಾತನಾಡಿದ ಅಪರ ಜಿಲ್ಲಾಧಿಕಾರಿ, ಜಯಂತಿ ಅಂಗವಾಗಿ ಮಹರ್ಷಿ ವಾಲ್ಮೀಕಿ ಅವರ ಭಾವಚಿತ್ರದ ಮೆರವಣಿಗೆ ನಡೆಸಲಾಗುವುದು. ಮೆರವಣಿಗೆಯಲ್ಲಿ ಕಲಾತಂಡಗಳು ಭಾಗವಹಿಸಲಿವೆ. ವೇದಿಕೆ ಕಾರ್ಯಕ್ರಮದಲ್ಲಿ ಉಪನ್ಯಾಸ ಏರ್ಪಡಿಸಲಾಗುವುದು. ಎಸ್.ಎಸ್.ಎಲ್.ಸಿ ಮತ್ತು ಪಿ.ಯು.ಸಿ ಯಲ್ಲಿ ಅತಿ ಹೆಚ್ಚು ಅಂಕ ಪಡೆದ ವಿದ್ಯಾರ್ಥಿಗಳನ್ನು ಸನ್ಮಾನಿಸಲಾಗುವುದು. ಎಲ್ಲ ಇಲಾಖೆಗಳ ಅಧಿಕಾರಿಗಳು ಕಾರ್ಯಕ್ರಮದಲ್ಲಿ ಕಡ್ಡಾಯವಾಗಿ ಭಾಗವಹಿಸಬೇಕು ಎಂದರು. ಸಮುದಾಯದ ಮುಖಂಡರು, ಅಧಿಕಾರಿಗಳು ಸಭೆಯಲ್ಲಿ ಹಾಜರಿದ್ದರು. ಕಾರ್ಯಕ್ರಮದ ಯಶಸ್ಸಿಗೆ ಅಗತ್ಯ ಸಹಕಾರ ನೀಡುವುದಾಗಿ ಮುಖಂಡರು ತಿಳಿಸಿದರು. ಸರ್ಕಾರದ ನಿರ್ದೇಶನದಂತೆ ಸರಳವಾಗಿ ಹಾಗೂ ಅರ್ಥಪೂರ್ಣವಾಗಿ ಆಚರಿಸಲಾಗುವುದು ಎಂದು ತಿಳಿಸಿದರು.

ಜಿಲ್ಲಾಡಳಿತ ವತಿಯಿಂದ ಅಕ್ಟೋಬರ್ 17 ರಂದು ಬೆಳಿಗ್ಗೆ 11 ಗಂಟೆಗೆ ಜಿಲ್ಲಾ ರೈತ ಸಭಾಂಗಣದಲ್ಲಿ ಮಹರ್ಷಿ ವಾಲ್ಮೀಕಿ ಜಯಂತಿ ಕಾರ್ಯಕ್ರಮವನ್ನು ಅರ್ಥಪೂರ್ಣವಾಗಿ ಆಚರಿಸಲು ತೀರ್ಮಾನಿಸಲಾಯಿತು. ಜಿಲ್ಲಾಧಿಕಾರಿಗಳ ಕಚೇರಿಯಲ್ಲಿ ನಡೆದ ಪೂರ್ವಭಾವಿ ಸಭೆಯ ಅಧ್ಯಕ್ಷತೆ ವಹಿಸಿ ಮಾತನಾಡಿದ ಅಪರ ಜಿಲ್ಲಾಧಿಕಾರಿ, ಜಯಂತಿ ಅಂಗವಾಗಿ ಮಹರ್ಷಿ ವಾಲ್ಮೀಕಿ ಅವರ ಭಾವಚಿತ್ರದ ಮೆರವಣಿಗೆ ನಡೆಸಲಾಗುವುದು. ಮೆರವಣಿಗೆಯಲ್ಲಿ ಕಲಾತಂಡಗಳು ಭಾಗವಹಿಸಲಿವೆ. ವೇದಿಕೆ ಕಾರ್ಯಕ್ರಮದಲ್ಲಿ ಉಪನ್ಯಾಸ ಏರ್ಪಡಿಸಲಾಗುವುದು. ಎಸ್.ಎಸ್.ಎಲ್.ಸಿ ಮತ್ತು ಪಿ.ಯು.ಸಿ ಯಲ್ಲಿ ಅತಿ ಹೆಚ್ಚು ಅಂಕ ಪಡೆದ ವಿದ್ಯಾರ್ಥಿಗಳನ್ನು ಸನ್ಮಾನಿಸಲಾಗುವುದು. ಎಲ್ಲ ಇಲಾಖೆಗಳ ಅಧಿಕಾರಿಗಳು ಕಾರ್ಯಕ್ರಮದಲ್ಲಿ ಕಡ್ಡಾಯವಾಗಿ ಭಾಗವಹಿಸಬೇಕು ಎಂದರು. ಸಮುದಾಯದ ಮುಖಂಡರು, ಅಧಿಕಾರಿಗಳು ಸಭೆಯಲ್ಲಿ ಹಾಜರಿದ್ದರು. ಕಾರ್ಯಕ್ರಮದ ಯಶಸ್ಸಿಗೆ ಅಗತ್ಯ ಸಹಕಾರ ನೀಡುವುದಾಗಿ ಮುಖಂಡರು ತಿಳಿಸಿದರು. ಸರ್ಕಾರದ ನಿರ್ದೇಶನದಂತೆ ಸರಳವಾಗಿ ಹಾಗೂ ಅರ್ಥಪೂರ್ಣವಾಗಿ ಆಚರಿಸಲಾಗುವುದು ಎಂದು ತಿಳಿಸಿದರು.

ವ್ಯಕ್ತಿತ್ವವಿಕಸನಕ್ಕಾಗಿ ಮಾರ್ಗದರ್ಶನ

ಬೆಂಗಳೂರು: ಹುಲ್ಲಾಳು ಗ್ರಾಮದಲ್ಲಿ ಕರ್ನಾಟಕ ರಾಜ್ಯ ಸರ್ಕಾರಿ ನೌಕರರ ಸಂಘದ ಸಹಯೋಗದಲ್ಲಿ ವಿದ್ಯಾರ್ಥಿಗಳಿಗೆ ವ್ಯಕ್ತಿತ್ವ ವಿಕಸನ ಮಾರ್ಗದರ್ಶನ ಕಾರ್ಯಕ್ರಮ ಆಯೋಜಿಸಲಾಗಿತ್ತು. ಕಾರ್ಯಕ್ರಮ ಉದ್ಘಾಟಿಸಿ ಮಾತನಾಡಿದ ಪ್ರಾಂಶುಪಾಲರು, ವಿದ್ಯಾರ್ಥಿಗಳು ಶಿಕ್ಷಣದ ಜೊತೆಗೆ ವ್ಯಕ್ತಿತ್ವ ವಿಕಸನಕ್ಕೂ ಹೆಚ್ಚಿನ ಒತ್ತು ನೀಡಬೇಕು. ಸ್ಪರ್ಧಾತ್ಮಕ ಯುಗದಲ್ಲಿ ಆತ್ಮವಿಶ್ವಾಸ, ಸಂವಹನ ಕೌಶಲ್ಯ ಅತಿ ಮುಖ್ಯವಾಗಿದೆ ಎಂದರು.
ಸಂಪನ್ಮೂಲ ವ್ಯಕ್ತಿಗಳು ವಿದ್ಯಾರ್ಥಿಗಳಿಗೆ ಸಮಯ ನಿರ್ವಹಣೆ, ಗುರಿ ನಿರ್ಧಾರ, ನಾಯಕತ್ವ ಗುಣಗಳ ಬಗ್ಗೆ ಮಾಹಿತಿ ನೀಡಿದರು. ಪಿ.ಯು.ಸಿ ನಂತರ ಉನ್ನತ ಶಿಕ್ಷಣಕ್ಕೆ ಯಾವ ಕೋರ್ಸ್ ಆಯ್ಕೆ ಮಾಡಿಕೊಳ್ಳಬೇಕು, ಯು.ಪಿ.ಎಸ್.ಸಿ, ಕೆ.ಪಿ.ಎಸ್.ಸಿ ಸ್ಪರ್ಧಾತ್ಮಕ ಪರೀಕ್ಷೆಗಳಿಗೆ ಹೇಗೆ ತಯಾರಿ ನಡೆಸಬೇಕು ಎಂಬುದರ ಕುರಿತು ಮಾರ್ಗದರ್ಶನ ನೀಡಿದರು. ಮಕ್ಕಳು ಮೊಬೈಲ್ ಬಳಕೆ ಕಡಿಮೆ ಮಾಡಿ ಪುಸ್ತಕ ಓದುವ ಹವ್ಯಾಸ ಬೆಳೆಸಿಕೊಳ್ಳಬೇಕು. ಪೋಷಕರು ಮಕ್ಕಳ ಆಸಕ್ತಿಗೆ ತಕ್ಕಂತೆ ಶಿಕ್ಷಣ ಕೊಡಿಸಬೇಕು ಎಂದು ಸಲಹೆ ನೀಡಿದರು. ಕಾರ್ಯಕ್ರಮದಲ್ಲಿ ಶಾಲೆಯ ಮುಖ್ಯ ಶಿಕ್ಷಕರು, ಸಹ ಶಿಕ್ಷಕರು, ಎಸ್.ಡಿ.ಎಂ.ಸಿ ಅಧ್ಯಕ್ಷರು, ಸದಸ್ಯರು, ಗ್ರಾಮ ಪಂಚಾಯಿತಿ ಅಧ್ಯಕ್ಷರು, ಸದಸ್ಯರು, ಪೋಷಕರು ಹಾಗೂ ವಿದ್ಯಾರ್ಥಿಗಳು ಭಾಗವಹಿಸಿದ್ದರು. ವಿದ್ಯಾರ್ಥಿಗಳು ಸಂಪನ್ಮೂಲ ವ್ಯಕ್ತಿಗಳೊಂದಿಗೆ ಸಂವಾದ ನಡೆಸಿ ತಮ್ಮ ಸಂದೇಹಗಳನ್ನು ಪರಿಹರಿಸಿಕೊಂಡರು. ಶಾಲೆಯಲ್ಲಿ ಉತ್ತಮ ಸಾಧನೆ ಮಾಡಿದ ವಿದ್ಯಾರ್ಥಿಗಳನ್ನು ಅಭಿನಂದಿಸಲಾಯಿತು. ಇಂತಹ ಕಾರ್ಯಕ್ರಮಗಳು ನಿರಂತರವಾಗಿ ನಡೆಯಬೇಕು ಎಂದು ಪೋಷಕರು ಅಭಿಪ್ರಾಯಪಟ್ಟರು. ಸಮಾಜದಲ್ಲಿ ಉತ್ತಮ ಪ್ರಜೆಗಳಾಗಿ ಬೆಳೆಯಬೇಕು ಎಂದು ಹಾರೈಸಿದರು.
